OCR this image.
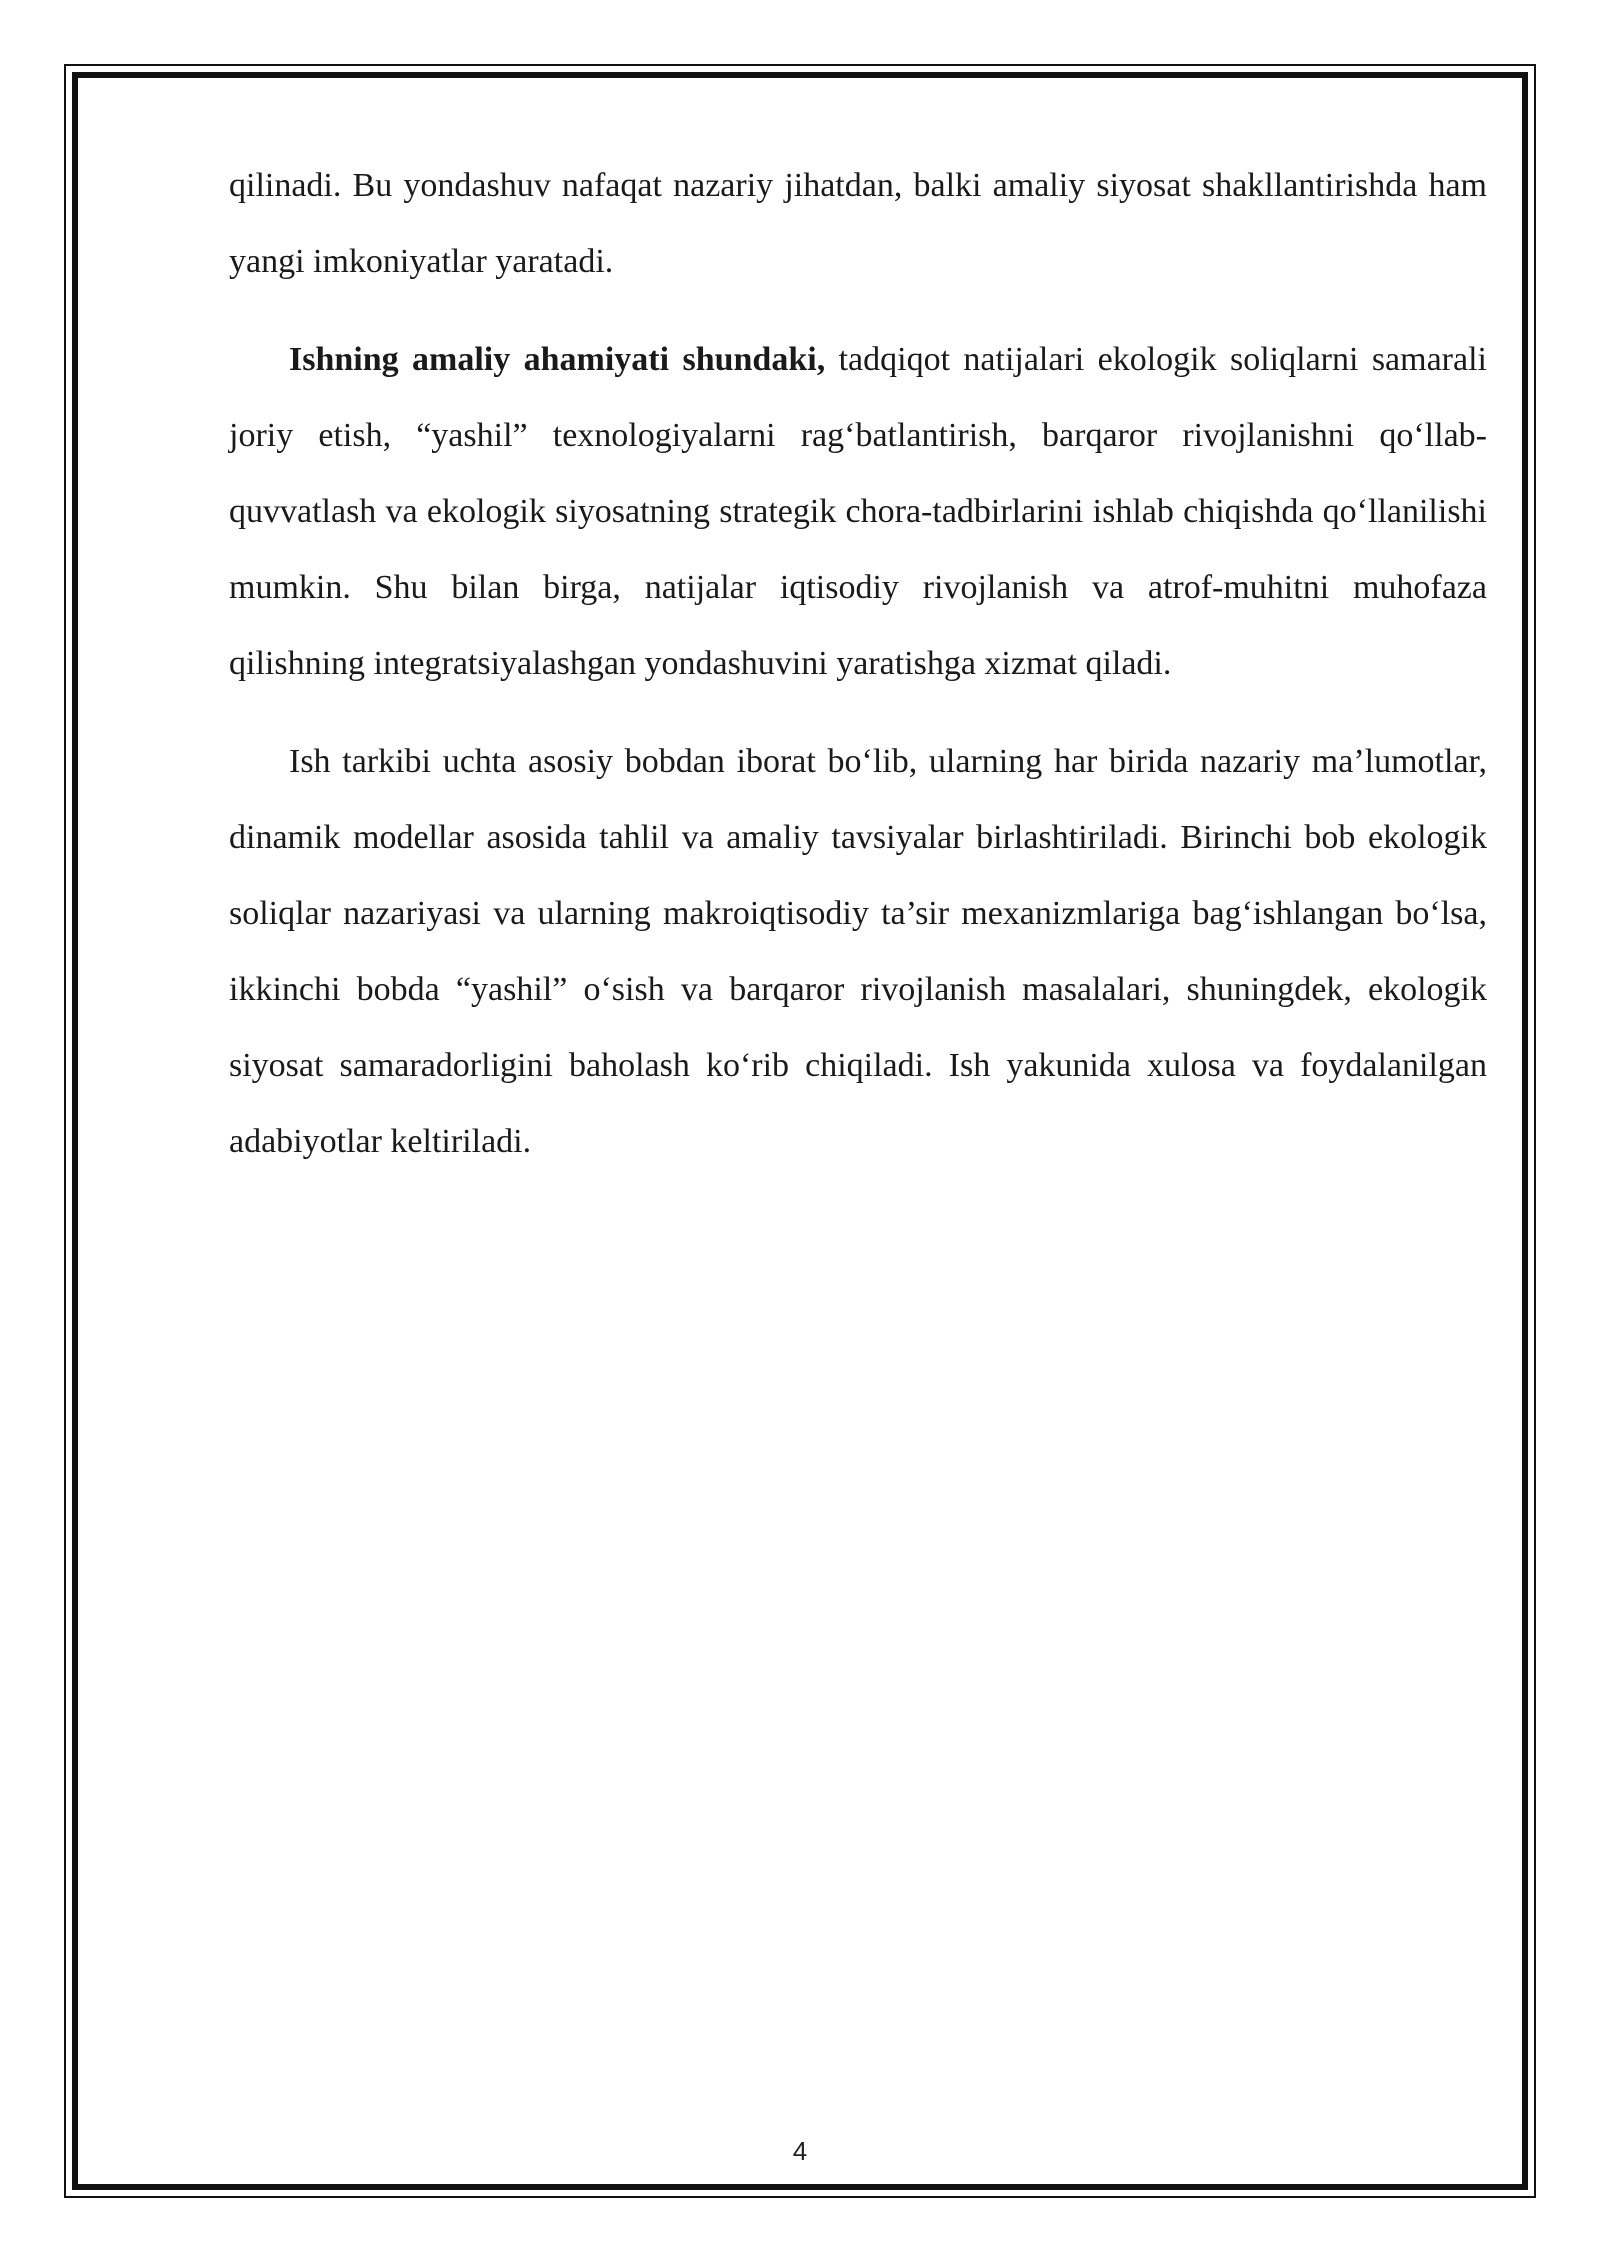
qilinadi. Bu yondashuv nafaqat nazariy jihatdan, balki amaliy siyosat shakllantirishda ham yangi imkoniyatlar yaratadi.

Ishning amaliy ahamiyati shundaki, tadqiqot natijalari ekologik soliqlarni samarali joriy etish, “yashil” texnologiyalarni rag‘batlantirish, barqaror rivojlanishni qo‘llab-quvvatlash va ekologik siyosatning strategik chora-tadbirlarini ishlab chiqishda qo‘llanilishi mumkin. Shu bilan birga, natijalar iqtisodiy rivojlanish va atrof-muhitni muhofaza qilishning integratsiyalashgan yondashuvini yaratishga xizmat qiladi.

Ish tarkibi uchta asosiy bobdan iborat bo‘lib, ularning har birida nazariy ma’lumotlar, dinamik modellar asosida tahlil va amaliy tavsiyalar birlashtiriladi. Birinchi bob ekologik soliqlar nazariyasi va ularning makroiqtisodiy ta’sir mexanizmlariga bag‘ishlangan bo‘lsa, ikkinchi bobda “yashil” o‘sish va barqaror rivojlanish masalalari, shuningdek, ekologik siyosat samaradorligini baholash ko‘rib chiqiladi. Ish yakunida xulosa va foydalanilgan adabiyotlar keltiriladi.

4
